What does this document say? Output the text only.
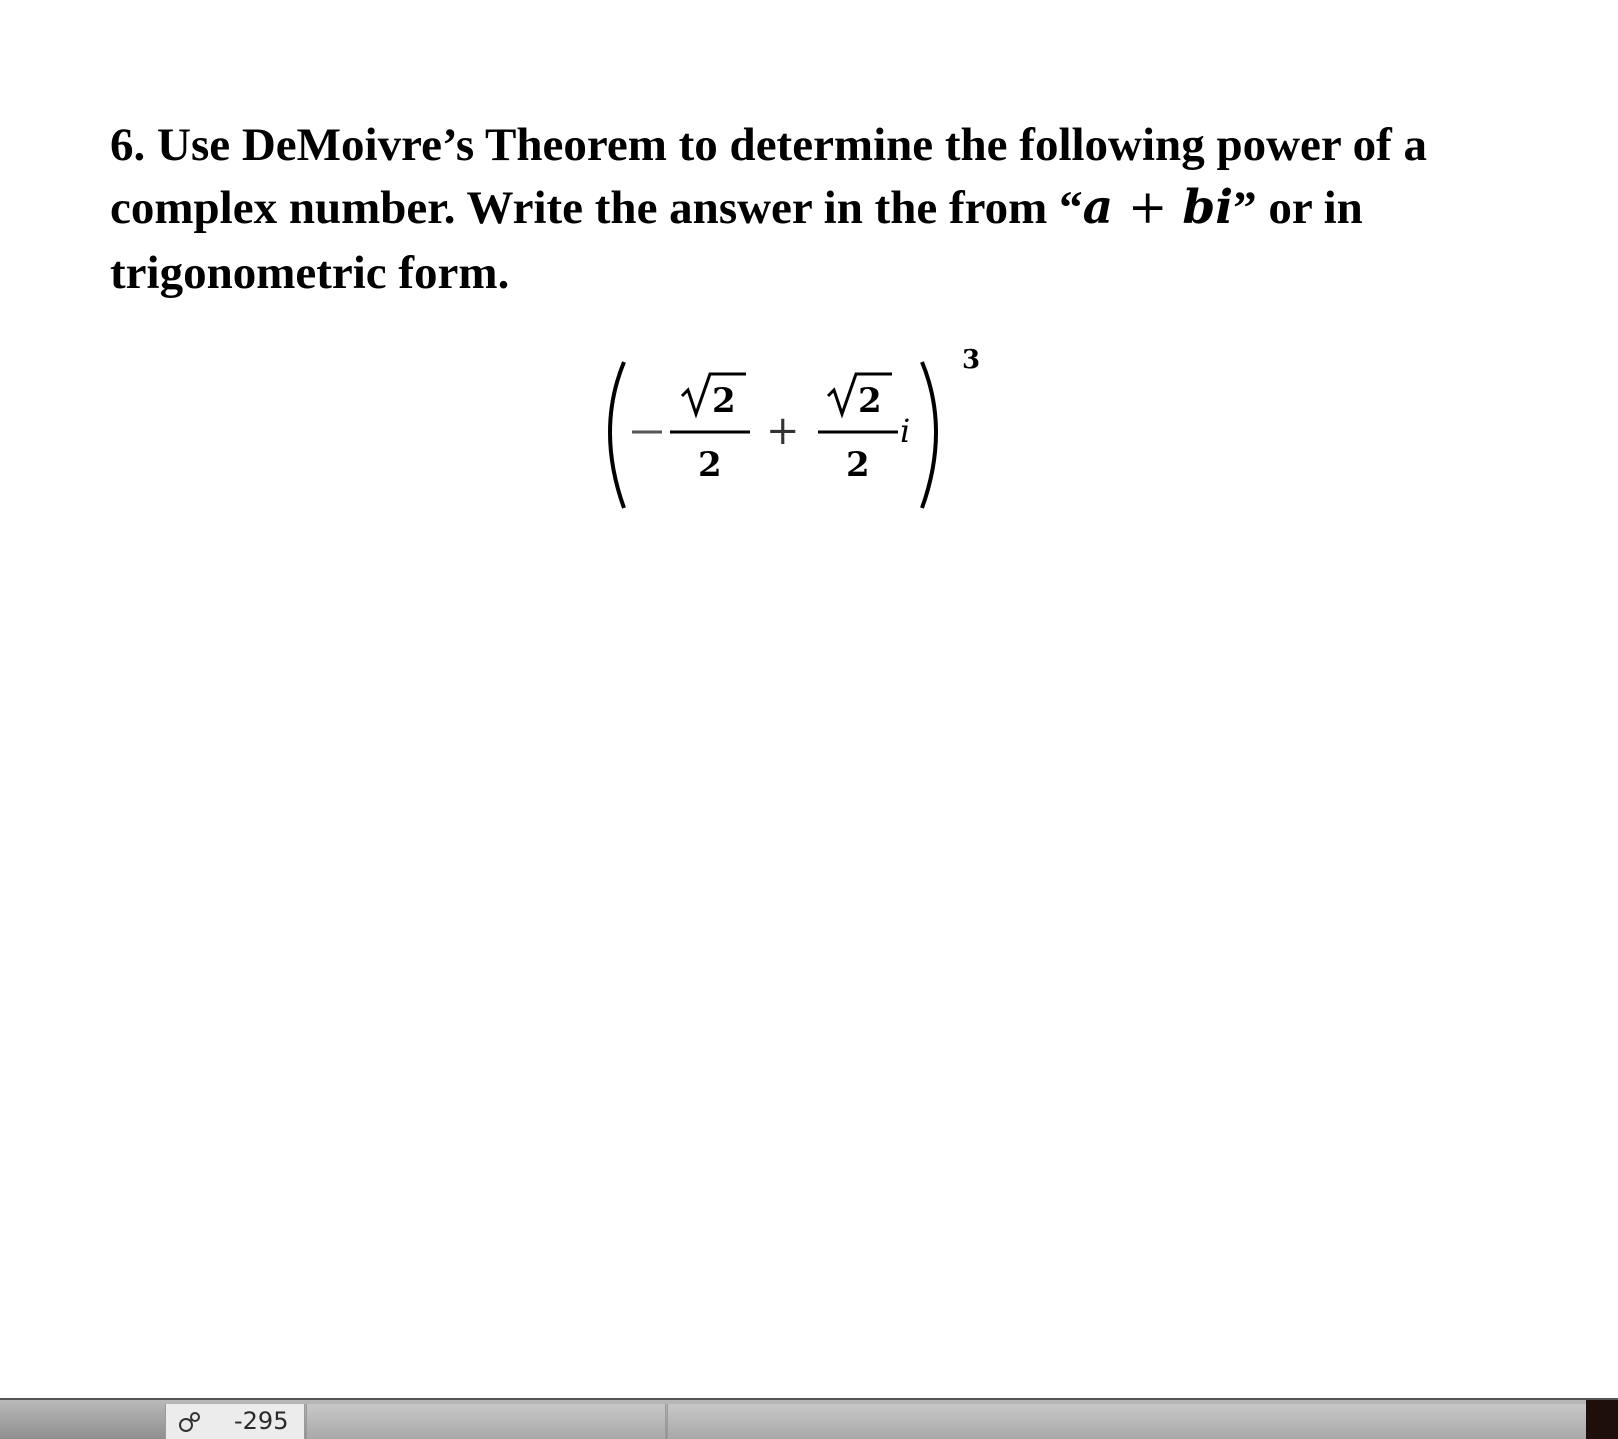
6. Use DeMoivre’s Theorem to determine the following power of a
complex number. Write the answer in the from “a + bi” or in
trigonometric form.
2
2
+
2
2
i
3
-295
